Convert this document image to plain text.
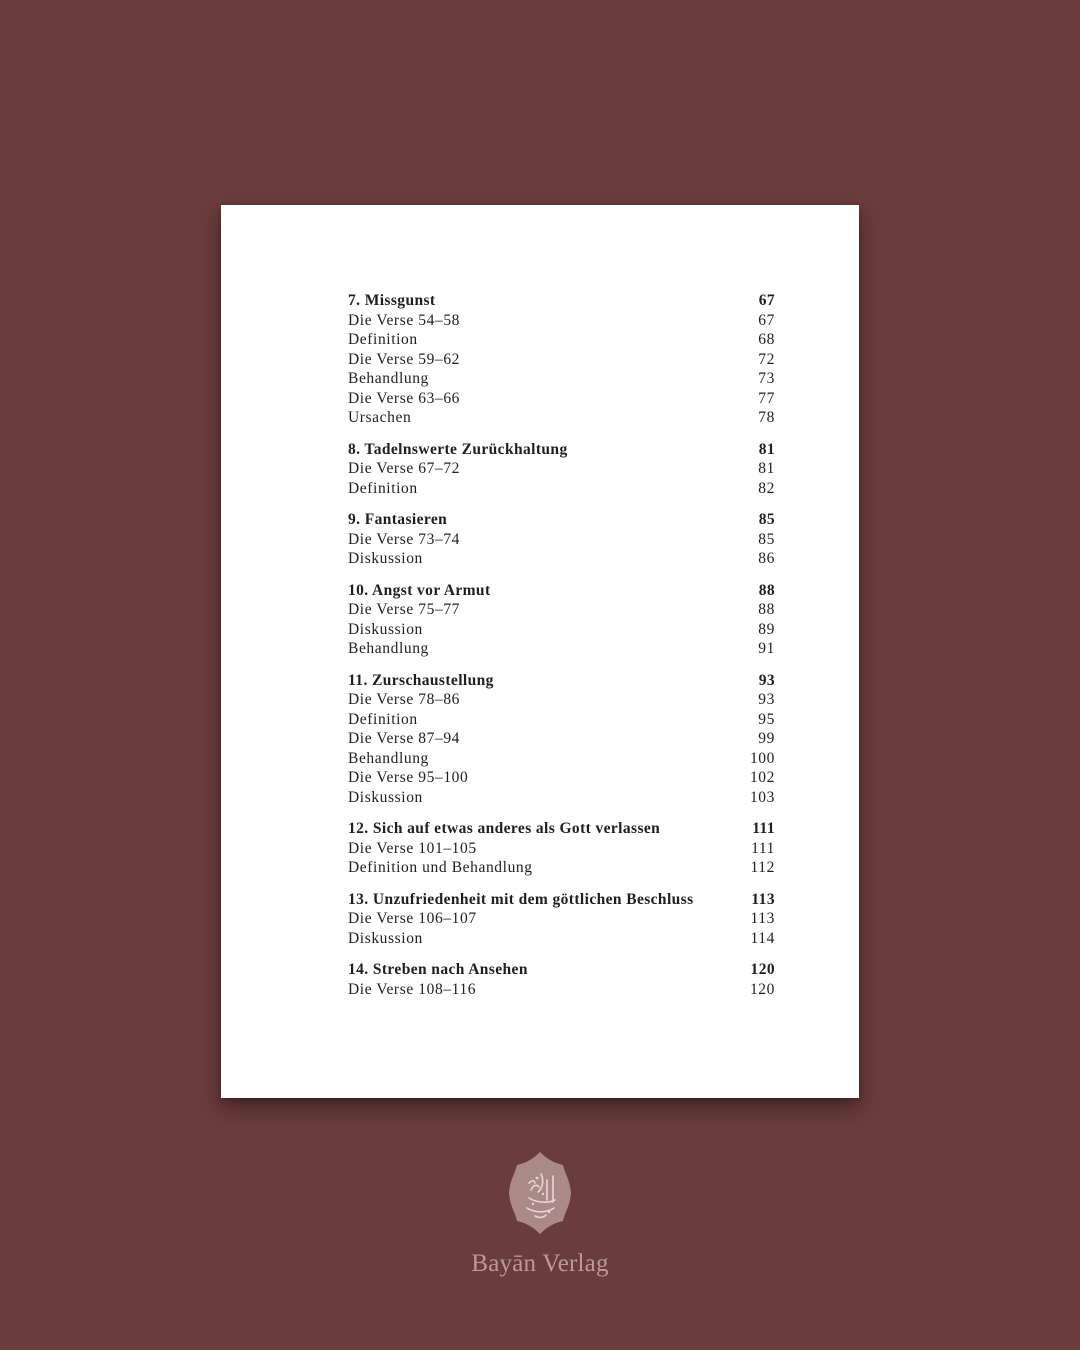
7. Missgunst	67
Die Verse 54–58	67
Definition	68
Die Verse 59–62	72
Behandlung	73
Die Verse 63–66	77
Ursachen	78
8. Tadelnswerte Zurückhaltung	81
Die Verse 67–72	81
Definition	82
9. Fantasieren	85
Die Verse 73–74	85
Diskussion	86
10. Angst vor Armut	88
Die Verse 75–77	88
Diskussion	89
Behandlung	91
11. Zurschaustellung	93
Die Verse 78–86	93
Definition	95
Die Verse 87–94	99
Behandlung	100
Die Verse 95–100	102
Diskussion	103
12. Sich auf etwas anderes als Gott verlassen	111
Die Verse 101–105	111
Definition und Behandlung	112
13. Unzufriedenheit mit dem göttlichen Beschluss	113
Die Verse 106–107	113
Diskussion	114
14. Streben nach Ansehen	120
Die Verse 108–116	120
Bayān Verlag
